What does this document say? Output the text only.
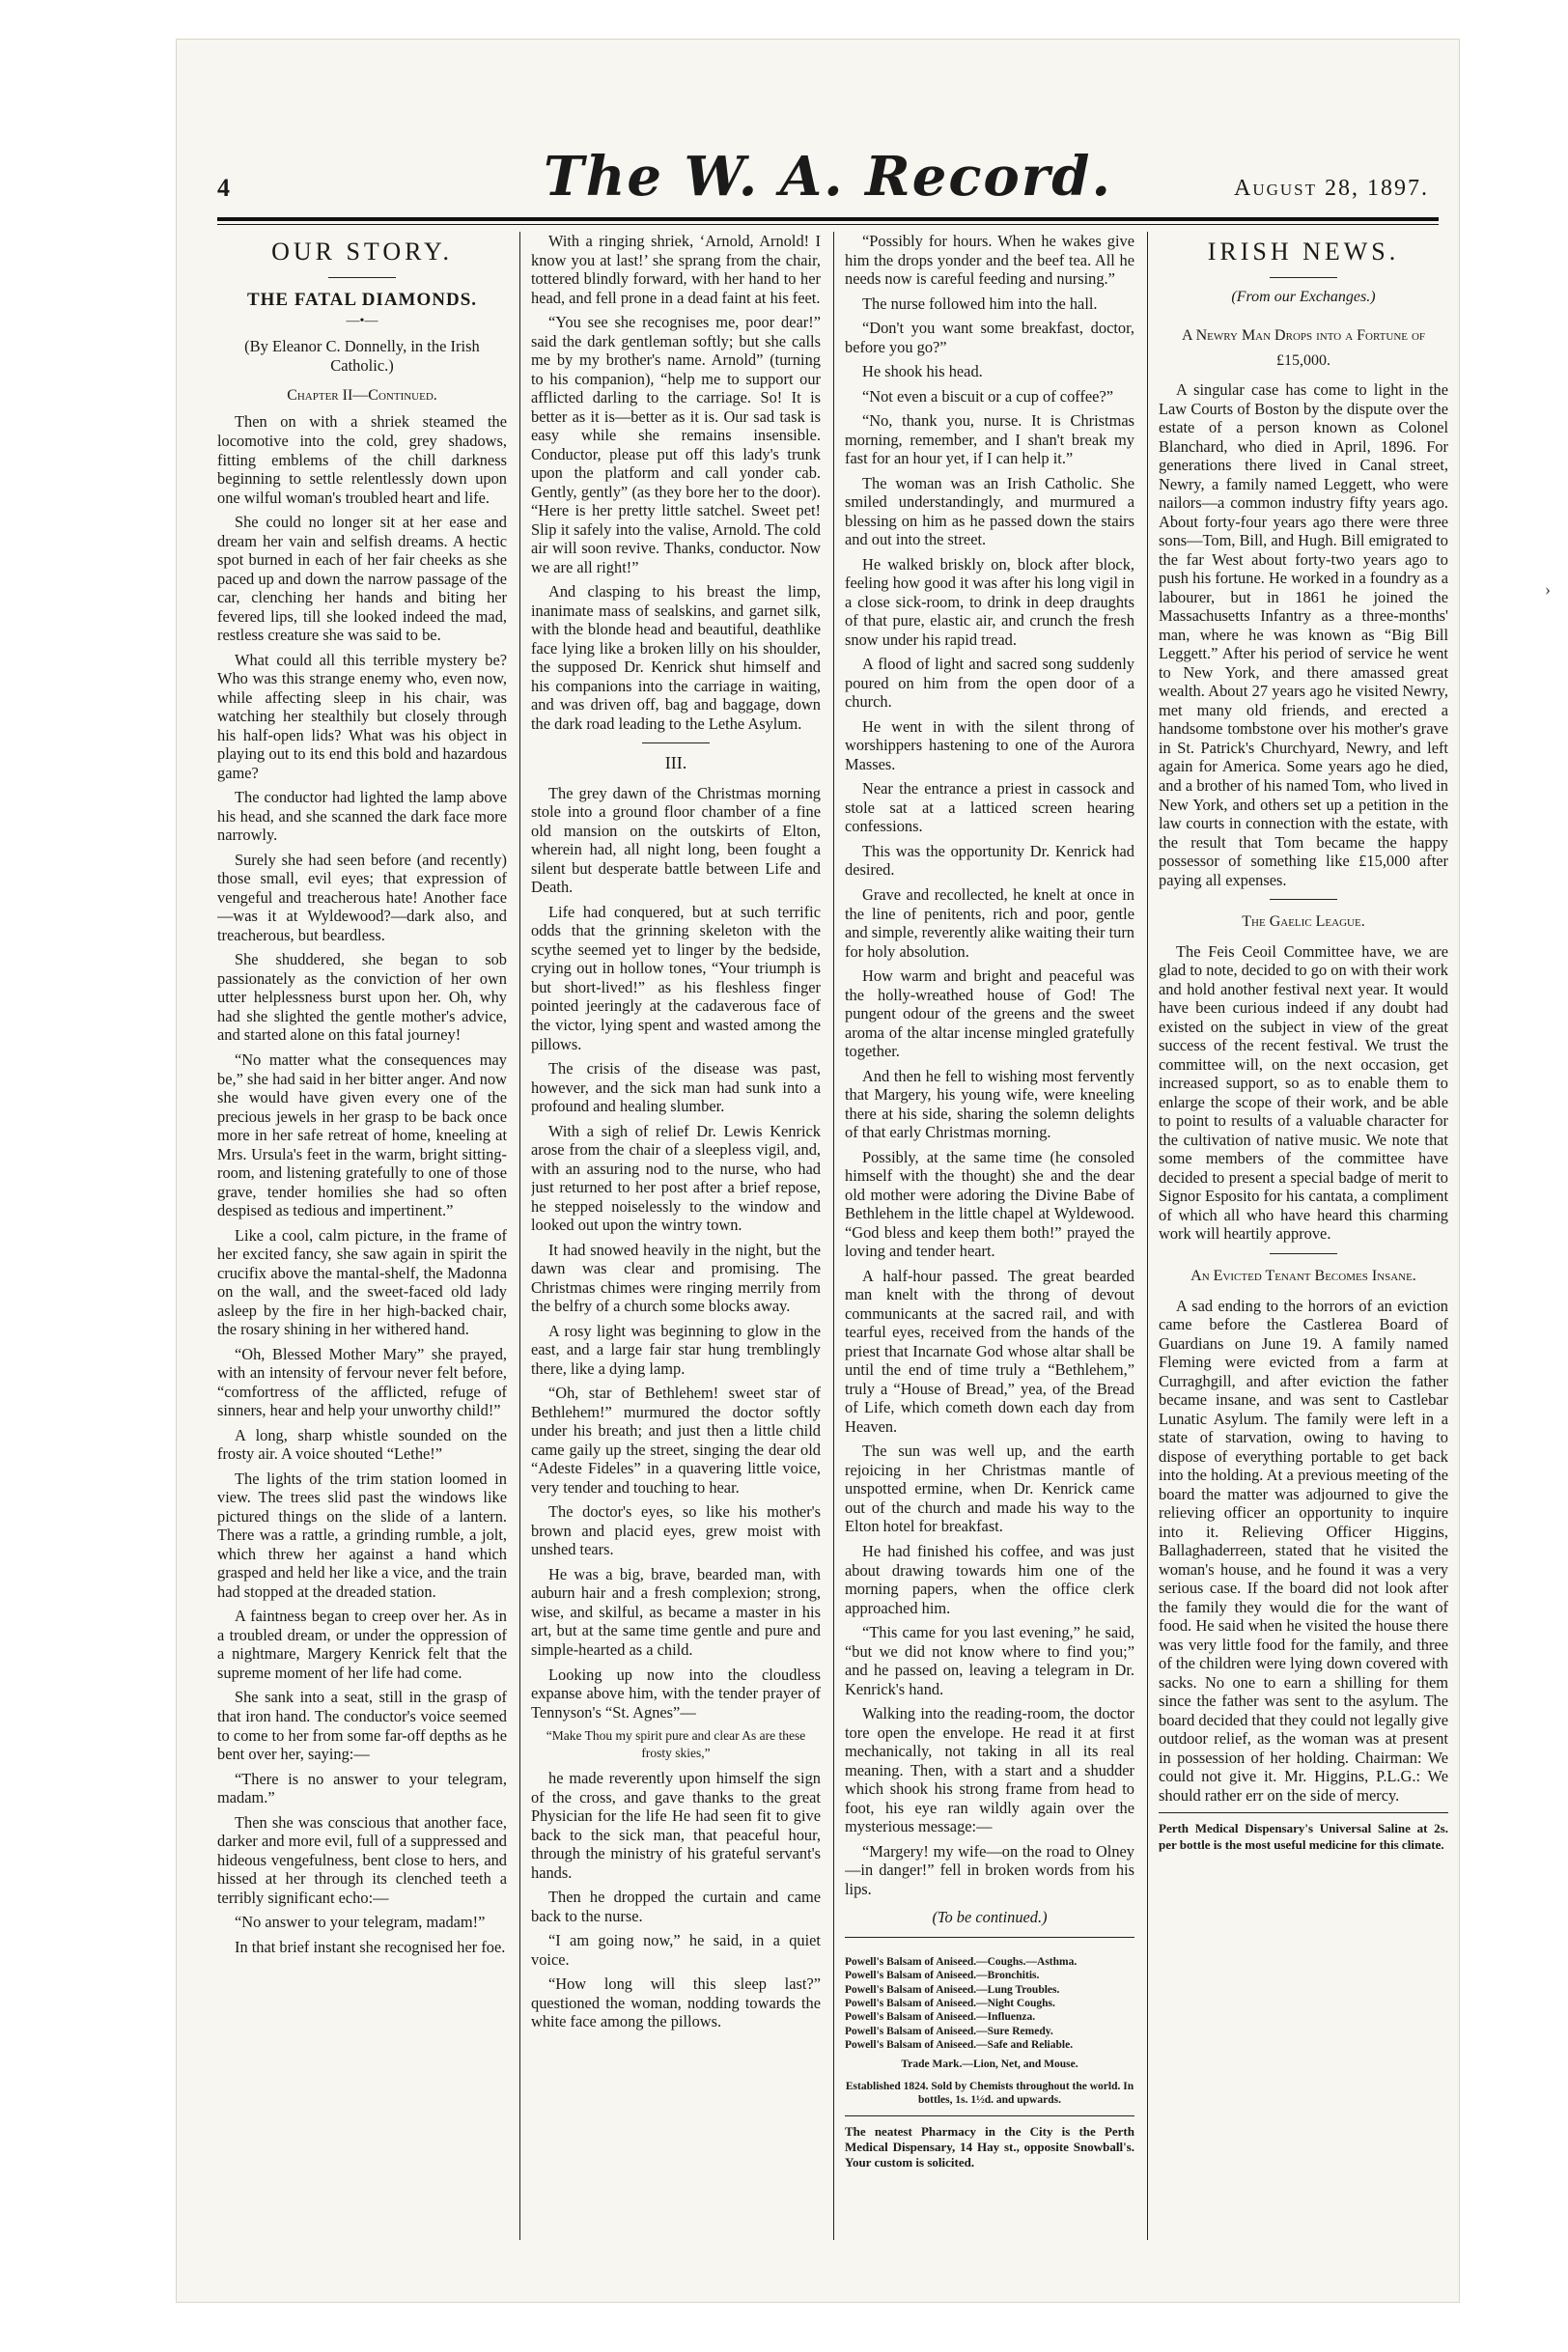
›
4	The W. A. Record.	August 28, 1897.
OUR STORY.
THE FATAL DIAMONDS.
—•—
(By Eleanor C. Donnelly, in the Irish Catholic.)
Chapter II—Continued.

Then on with a shriek steamed the locomotive into the cold, grey shadows, fitting emblems of the chill darkness beginning to settle relentlessly down upon one wilful woman's troubled heart and life.

She could no longer sit at her ease and dream her vain and selfish dreams. A hectic spot burned in each of her fair cheeks as she paced up and down the narrow passage of the car, clenching her hands and biting her fevered lips, till she looked indeed the mad, restless creature she was said to be.

What could all this terrible mystery be? Who was this strange enemy who, even now, while affecting sleep in his chair, was watching her stealthily but closely through his half-open lids? What was his object in playing out to its end this bold and hazardous game?

The conductor had lighted the lamp above his head, and she scanned the dark face more narrowly.

Surely she had seen before (and recently) those small, evil eyes; that expression of vengeful and treacherous hate! Another face—was it at Wyldewood?—dark also, and treacherous, but beardless.

She shuddered, she began to sob passionately as the conviction of her own utter helplessness burst upon her. Oh, why had she slighted the gentle mother's advice, and started alone on this fatal journey!

“No matter what the consequences may be,” she had said in her bitter anger. And now she would have given every one of the precious jewels in her grasp to be back once more in her safe retreat of home, kneeling at Mrs. Ursula's feet in the warm, bright sitting-room, and listening gratefully to one of those grave, tender homilies she had so often despised as tedious and impertinent.”

Like a cool, calm picture, in the frame of her excited fancy, she saw again in spirit the crucifix above the mantal-shelf, the Madonna on the wall, and the sweet-faced old lady asleep by the fire in her high-backed chair, the rosary shining in her withered hand.

“Oh, Blessed Mother Mary” she prayed, with an intensity of fervour never felt before, “comfortress of the afflicted, refuge of sinners, hear and help your unworthy child!”

A long, sharp whistle sounded on the frosty air. A voice shouted “Lethe!”

The lights of the trim station loomed in view. The trees slid past the windows like pictured things on the slide of a lantern. There was a rattle, a grinding rumble, a jolt, which threw her against a hand which grasped and held her like a vice, and the train had stopped at the dreaded station.

A faintness began to creep over her. As in a troubled dream, or under the oppression of a nightmare, Margery Kenrick felt that the supreme moment of her life had come.

She sank into a seat, still in the grasp of that iron hand. The conductor's voice seemed to come to her from some far-off depths as he bent over her, saying:—

“There is no answer to your telegram, madam.”

Then she was conscious that another face, darker and more evil, full of a suppressed and hideous vengefulness, bent close to hers, and hissed at her through its clenched teeth a terribly significant echo:—

“No answer to your telegram, madam!”

In that brief instant she recognised her foe.

With a ringing shriek, ‘Arnold, Arnold! I know you at last!’ she sprang from the chair, tottered blindly forward, with her hand to her head, and fell prone in a dead faint at his feet.

“You see she recognises me, poor dear!” said the dark gentleman softly; but she calls me by my brother's name. Arnold” (turning to his companion), “help me to support our afflicted darling to the carriage. So! It is better as it is—better as it is. Our sad task is easy while she remains insensible. Conductor, please put off this lady's trunk upon the platform and call yonder cab. Gently, gently” (as they bore her to the door). “Here is her pretty little satchel. Sweet pet! Slip it safely into the valise, Arnold. The cold air will soon revive. Thanks, conductor. Now we are all right!”

And clasping to his breast the limp, inanimate mass of sealskins, and garnet silk, with the blonde head and beautiful, deathlike face lying like a broken lilly on his shoulder, the supposed Dr. Kenrick shut himself and his companions into the carriage in waiting, and was driven off, bag and baggage, down the dark road leading to the Lethe Asylum.

III.

The grey dawn of the Christmas morning stole into a ground floor chamber of a fine old mansion on the outskirts of Elton, wherein had, all night long, been fought a silent but desperate battle between Life and Death.

Life had conquered, but at such terrific odds that the grinning skeleton with the scythe seemed yet to linger by the bedside, crying out in hollow tones, “Your triumph is but short-lived!” as his fleshless finger pointed jeeringly at the cadaverous face of the victor, lying spent and wasted among the pillows.

The crisis of the disease was past, however, and the sick man had sunk into a profound and healing slumber.

With a sigh of relief Dr. Lewis Kenrick arose from the chair of a sleepless vigil, and, with an assuring nod to the nurse, who had just returned to her post after a brief repose, he stepped noiselessly to the window and looked out upon the wintry town.

It had snowed heavily in the night, but the dawn was clear and promising. The Christmas chimes were ringing merrily from the belfry of a church some blocks away.

A rosy light was beginning to glow in the east, and a large fair star hung tremblingly there, like a dying lamp.

“Oh, star of Bethlehem! sweet star of Bethlehem!” murmured the doctor softly under his breath; and just then a little child came gaily up the street, singing the dear old “Adeste Fideles” in a quavering little voice, very tender and touching to hear.

The doctor's eyes, so like his mother's brown and placid eyes, grew moist with unshed tears.

He was a big, brave, bearded man, with auburn hair and a fresh complexion; strong, wise, and skilful, as became a master in his art, but at the same time gentle and pure and simple-hearted as a child.

Looking up now into the cloudless expanse above him, with the tender prayer of Tennyson's “St. Agnes”—

“Make Thou my spirit pure and clear As are these frosty skies,”

he made reverently upon himself the sign of the cross, and gave thanks to the great Physician for the life He had seen fit to give back to the sick man, that peaceful hour, through the ministry of his grateful servant's hands.

Then he dropped the curtain and came back to the nurse.

“I am going now,” he said, in a quiet voice.

“How long will this sleep last?” questioned the woman, nodding towards the white face among the pillows.

“Possibly for hours. When he wakes give him the drops yonder and the beef tea. All he needs now is careful feeding and nursing.”

The nurse followed him into the hall.

“Don't you want some breakfast, doctor, before you go?”

He shook his head.

“Not even a biscuit or a cup of coffee?”

“No, thank you, nurse. It is Christmas morning, remember, and I shan't break my fast for an hour yet, if I can help it.”

The woman was an Irish Catholic. She smiled understandingly, and murmured a blessing on him as he passed down the stairs and out into the street.

He walked briskly on, block after block, feeling how good it was after his long vigil in a close sick-room, to drink in deep draughts of that pure, elastic air, and crunch the fresh snow under his rapid tread.

A flood of light and sacred song suddenly poured on him from the open door of a church.

He went in with the silent throng of worshippers hastening to one of the Aurora Masses.

Near the entrance a priest in cassock and stole sat at a latticed screen hearing confessions.

This was the opportunity Dr. Kenrick had desired.

Grave and recollected, he knelt at once in the line of penitents, rich and poor, gentle and simple, reverently alike waiting their turn for holy absolution.

How warm and bright and peaceful was the holly-wreathed house of God! The pungent odour of the greens and the sweet aroma of the altar incense mingled gratefully together.

And then he fell to wishing most fervently that Margery, his young wife, were kneeling there at his side, sharing the solemn delights of that early Christmas morning.

Possibly, at the same time (he consoled himself with the thought) she and the dear old mother were adoring the Divine Babe of Bethlehem in the little chapel at Wyldewood. “God bless and keep them both!” prayed the loving and tender heart.

A half-hour passed. The great bearded man knelt with the throng of devout communicants at the sacred rail, and with tearful eyes, received from the hands of the priest that Incarnate God whose altar shall be until the end of time truly a “Bethlehem,” truly a “House of Bread,” yea, of the Bread of Life, which cometh down each day from Heaven.

The sun was well up, and the earth rejoicing in her Christmas mantle of unspotted ermine, when Dr. Kenrick came out of the church and made his way to the Elton hotel for breakfast.

He had finished his coffee, and was just about drawing towards him one of the morning papers, when the office clerk approached him.

“This came for you last evening,” he said, “but we did not know where to find you;” and he passed on, leaving a telegram in Dr. Kenrick's hand.

Walking into the reading-room, the doctor tore open the envelope. He read it at first mechanically, not taking in all its real meaning. Then, with a start and a shudder which shook his strong frame from head to foot, his eye ran wildly again over the mysterious message:—

“Margery! my wife—on the road to Olney—in danger!” fell in broken words from his lips.

(To be continued.)
Powell's Balsam of Aniseed.—Coughs.—Asthma.
Powell's Balsam of Aniseed.—Bronchitis.
Powell's Balsam of Aniseed.—Lung Troubles.
Powell's Balsam of Aniseed.—Night Coughs.
Powell's Balsam of Aniseed.—Influenza.
Powell's Balsam of Aniseed.—Sure Remedy.
Powell's Balsam of Aniseed.—Safe and Reliable.
Trade Mark.—Lion, Net, and Mouse.
Established 1824. Sold by Chemists throughout the world. In bottles, 1s. 1½d. and upwards.
The neatest Pharmacy in the City is the Perth Medical Dispensary, 14 Hay st., opposite Snowball's. Your custom is solicited.
IRISH NEWS.
(From our Exchanges.)
A Newry Man Drops into a Fortune of £15,000.

A singular case has come to light in the Law Courts of Boston by the dispute over the estate of a person known as Colonel Blanchard, who died in April, 1896. For generations there lived in Canal street, Newry, a family named Leggett, who were nailors—a common industry fifty years ago. About forty-four years ago there were three sons—Tom, Bill, and Hugh. Bill emigrated to the far West about forty-two years ago to push his fortune. He worked in a foundry as a labourer, but in 1861 he joined the Massachusetts Infantry as a three-months' man, where he was known as “Big Bill Leggett.” After his period of service he went to New York, and there amassed great wealth. About 27 years ago he visited Newry, met many old friends, and erected a handsome tombstone over his mother's grave in St. Patrick's Churchyard, Newry, and left again for America. Some years ago he died, and a brother of his named Tom, who lived in New York, and others set up a petition in the law courts in connection with the estate, with the result that Tom became the happy possessor of something like £15,000 after paying all expenses.

The Gaelic League.

The Feis Ceoil Committee have, we are glad to note, decided to go on with their work and hold another festival next year. It would have been curious indeed if any doubt had existed on the subject in view of the great success of the recent festival. We trust the committee will, on the next occasion, get increased support, so as to enable them to enlarge the scope of their work, and be able to point to results of a valuable character for the cultivation of native music. We note that some members of the committee have decided to present a special badge of merit to Signor Esposito for his cantata, a compliment of which all who have heard this charming work will heartily approve.

An Evicted Tenant Becomes Insane.

A sad ending to the horrors of an eviction came before the Castlerea Board of Guardians on June 19. A family named Fleming were evicted from a farm at Curraghgill, and after eviction the father became insane, and was sent to Castlebar Lunatic Asylum. The family were left in a state of starvation, owing to having to dispose of everything portable to get back into the holding. At a previous meeting of the board the matter was adjourned to give the relieving officer an opportunity to inquire into it. Relieving Officer Higgins, Ballaghaderreen, stated that he visited the woman's house, and he found it was a very serious case. If the board did not look after the family they would die for the want of food. He said when he visited the house there was very little food for the family, and three of the children were lying down covered with sacks. No one to earn a shilling for them since the father was sent to the asylum. The board decided that they could not legally give outdoor relief, as the woman was at present in possession of her holding. Chairman: We could not give it. Mr. Higgins, P.L.G.: We should rather err on the side of mercy.

Perth Medical Dispensary's Universal Saline at 2s. per bottle is the most useful medicine for this climate.
